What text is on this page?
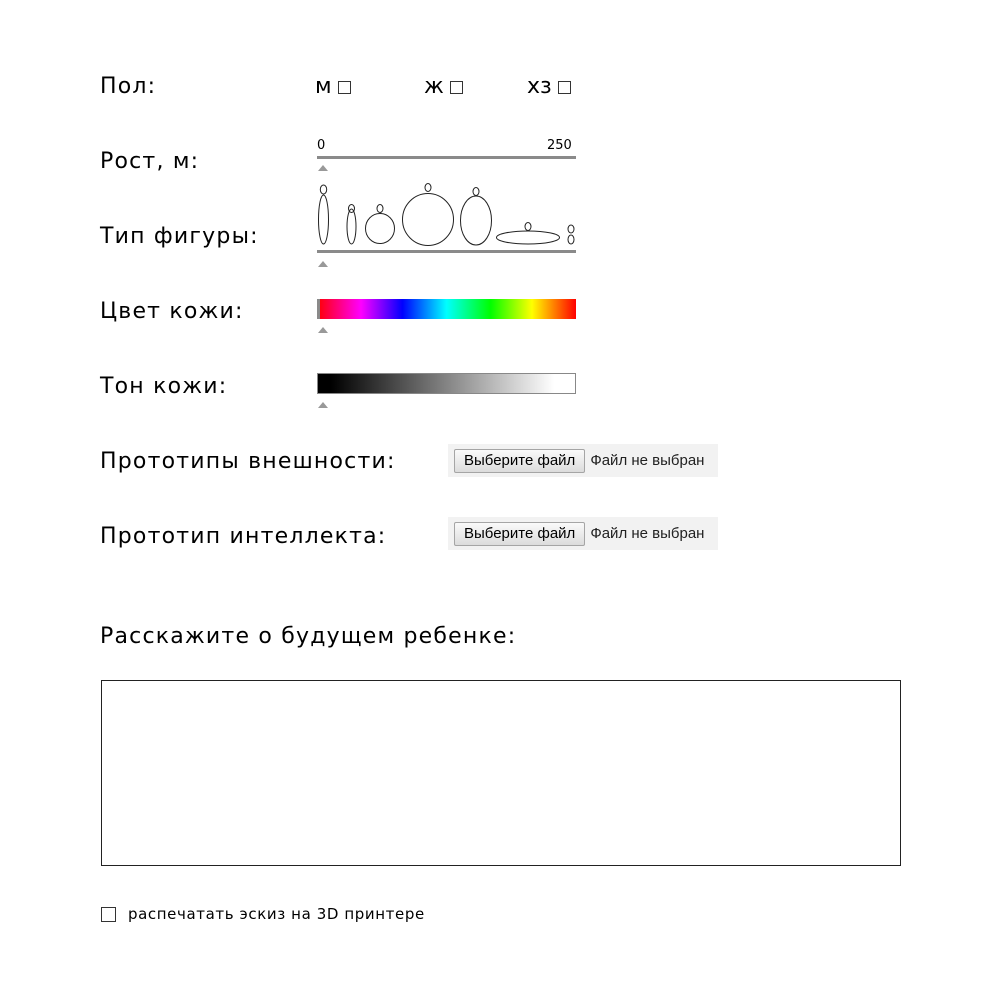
Пол:	м	ж	хз
Рост, м:
0	250
Тип фигуры:
Цвет кожи:
Тон кожи:
Прототипы внешности:	Выберите файл	Файл не выбран
Прототип интеллекта:	Выберите файл	Файл не выбран
Расскажите о будущем ребенке:
распечатать эскиз на 3D принтере
